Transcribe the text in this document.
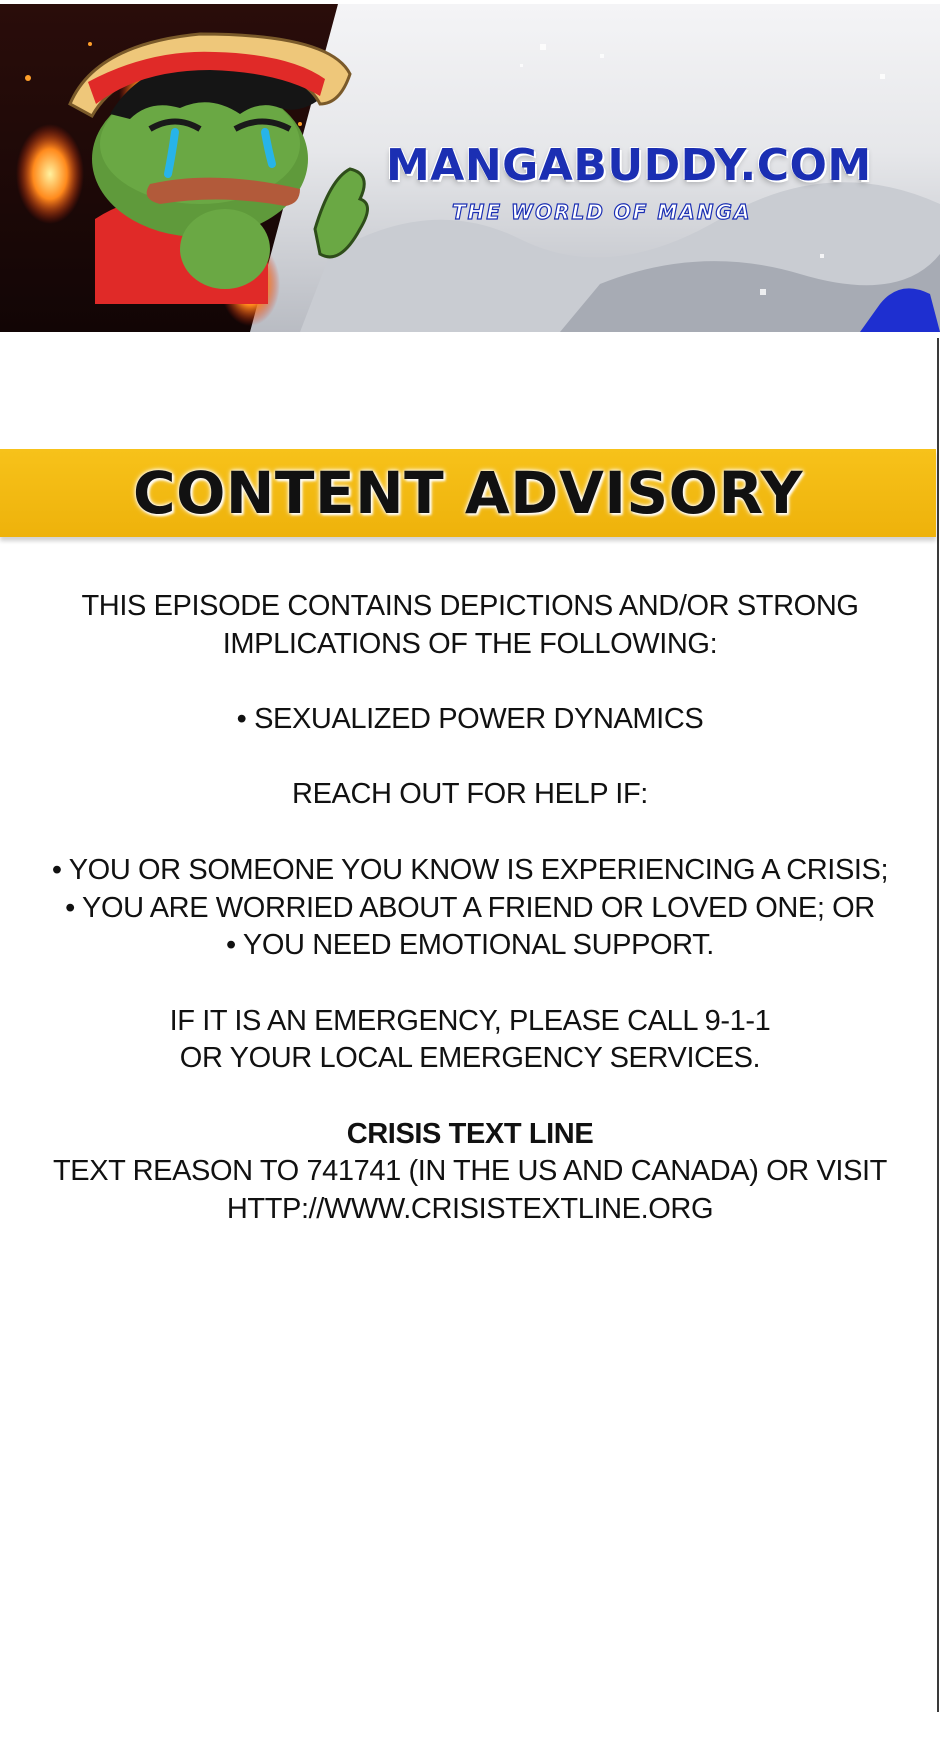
MANGABUDDY.COM

THE WORLD OF MANGA

CONTENT ADVISORY

THIS EPISODE CONTAINS DEPICTIONS AND/OR STRONG

IMPLICATIONS OF THE FOLLOWING:

• SEXUALIZED POWER DYNAMICS

REACH OUT FOR HELP IF:

• YOU OR SOMEONE YOU KNOW IS EXPERIENCING A CRISIS;

• YOU ARE WORRIED ABOUT A FRIEND OR LOVED ONE; OR

• YOU NEED EMOTIONAL SUPPORT.

IF IT IS AN EMERGENCY, PLEASE CALL 9-1-1

OR YOUR LOCAL EMERGENCY SERVICES.

CRISIS TEXT LINE

TEXT REASON TO 741741 (IN THE US AND CANADA) OR VISIT

HTTP://WWW.CRISISTEXTLINE.ORG
